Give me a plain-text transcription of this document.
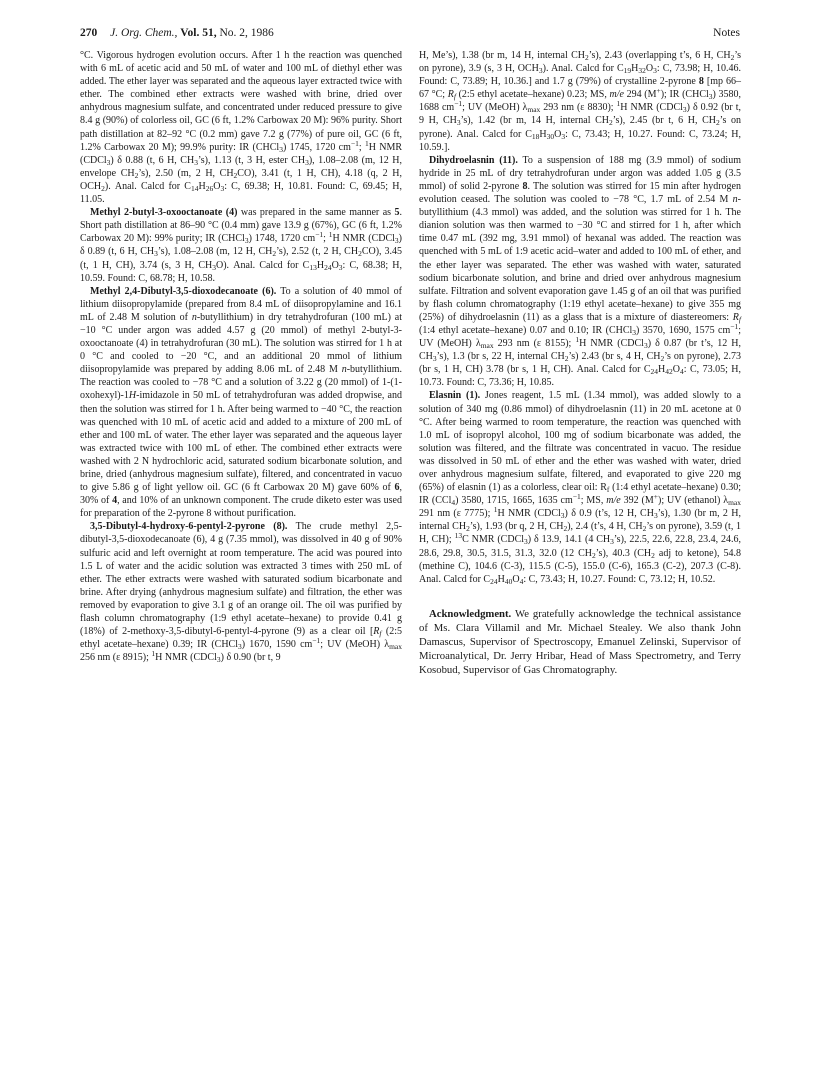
270 J. Org. Chem., Vol. 51, No. 2, 1986	Notes

°C. Vigorous hydrogen evolution occurs. After 1 h the reaction was quenched with 6 mL of acetic acid and 50 mL of water and 100 mL of diethyl ether was added. The ether layer was separated and the aqueous layer extracted twice with ether. The combined ether extracts were washed with brine, dried over anhydrous magnesium sulfate, and concentrated under reduced pressure to give 8.4 g (90%) of colorless oil, GC (6 ft, 1.2% Carbowax 20 M): 96% purity. Short path distillation at 82–92 °C (0.2 mm) gave 7.2 g (77%) of pure oil, GC (6 ft, 1.2% Carbowax 20 M); 99.9% purity: IR (CHCl$_3$) 1745, 1720 $cm^{-1}$; $^1$H NMR (CDCl$_3$) δ 0.88 (t, 6 H, $CH_3’s$), 1.13 (t, 3 H, ester $CH_3$), 1.08–2.08 (m, 12 H, envelope $CH_2’s$), 2.50 (m, 2 H, $CH_2CO$), 3.41 (t, 1 H, CH), 4.18 (q, 2 H, $OCH_2$). Anal. Calcd for $C_{14}H_{26}O_3$: C, 69.38; H, 10.81. Found: C, 69.45; H, 11.05.

Methyl 2-butyl-3-oxooctanoate (4) was prepared in the same manner as 5. Short path distillation at 86–90 °C (0.4 mm) gave 13.9 g (67%), GC (6 ft, 1.2% Carbowax 20 M): 99% purity; IR (CHCl$_3$) 1748, 1720 $cm^{-1}$; $^1$H NMR (CDCl$_3$) δ 0.89 (t, 6 H, $CH_3’s$), 1.08–2.08 (m, 12 H, $CH_2’s$), 2.52 (t, 2 H, $CH_2CO$), 3.45 (t, 1 H, CH), 3.74 (s, 3 H, $CH_3O$). Anal. Calcd for $C_{13}H_{24}O_3$: C, 68.38; H, 10.59. Found: C, 68.78; H, 10.58.

Methyl 2,4-Dibutyl-3,5-dioxodecanoate (6). To a solution of 40 mmol of lithium diisopropylamide (prepared from 8.4 mL of diisopropylamine and 16.1 mL of 2.48 M solution of n-butyllithium) in dry tetrahydrofuran (100 mL) at −10 °C under argon was added 4.57 g (20 mmol) of methyl 2-butyl-3-oxooctanoate (4) in tetrahydrofuran (30 mL). The solution was stirred for 1 h at 0 °C and cooled to −20 °C, and an additional 20 mmol of lithium diisopropylamide was prepared by adding 8.06 mL of 2.48 M n-butyllithium. The reaction was cooled to −78 °C and a solution of 3.22 g (20 mmol) of 1-(1-oxohexyl)-1H-imidazole in 50 mL of tetrahydrofuran was added dropwise, and then the solution was stirred for 1 h. After being warmed to −40 °C, the reaction was quenched with 10 mL of acetic acid and added to a mixture of 200 mL of ether and 100 mL of water. The ether layer was separated and the aqueous layer was extracted twice with 100 mL of ether. The combined ether extracts were washed with 2 N hydrochloric acid, saturated sodium bicarbonate solution, and brine, dried (anhydrous magnesium sulfate), filtered, and concentrated in vacuo to give 5.86 g of light yellow oil. GC (6 ft Carbowax 20 M) gave 60% of 6, 30% of 4, and 10% of an unknown component. The crude diketo ester was used for preparation of the 2-pyrone 8 without purification.

3,5-Dibutyl-4-hydroxy-6-pentyl-2-pyrone (8). The crude methyl 2,5-dibutyl-3,5-dioxodecanoate (6), 4 g (7.35 mmol), was dissolved in 40 g of 90% sulfuric acid and left overnight at room temperature. The acid was poured into 1.5 L of water and the acidic solution was extracted 3 times with 250 mL of ether. The ether extracts were washed with saturated sodium bicarbonate and brine. After drying (anhydrous magnesium sulfate) and filtration, the ether was removed by evaporation to give 3.1 g of an orange oil. The oil was purified by flash column chromatography (1:9 ethyl acetate–hexane) to provide 0.41 g (18%) of 2-methoxy-3,5-dibutyl-6-pentyl-4-pyrone (9) as a clear oil [$R_f$ (2:5 ethyl acetate–hexane) 0.39; IR (CHCl$_3$) 1670, 1590 $cm^{-1}$; UV (MeOH) $\lambda_{max}$ 256 nm (ε 8915); $^1$H NMR (CDCl$_3$) δ 0.90 (br t, 9

H, Me’s), 1.38 (br m, 14 H, internal $CH_2’s$), 2.43 (overlapping t’s, 6 H, $CH_2’s$ on pyrone), 3.9 (s, 3 H, $OCH_3$). Anal. Calcd for $C_{19}H_{32}O_3$: C, 73.98; H, 10.46. Found: C, 73.89; H, 10.36.] and 1.7 g (79%) of crystalline 2-pyrone 8 [mp 66–67 °C; $R_f$ (2:5 ethyl acetate–hexane) 0.23; MS, m/e 294 (M+); IR (CHCl$_3$) 3580, 1688 $cm^{-1}$; UV (MeOH) $\lambda_{max}$ 293 nm (ε 8830); $^1$H NMR (CDCl$_3$) δ 0.92 (br t, 9 H, $CH_3’s$), 1.42 (br m, 14 H, internal $CH_2’s$), 2.45 (br t, 6 H, $CH_2’s$ on pyrone). Anal. Calcd for $C_{18}H_{30}O_3$: C, 73.43; H, 10.27. Found: C, 73.24; H, 10.59.].

Dihydroelasnin (11). To a suspension of 188 mg (3.9 mmol) of sodium hydride in 25 mL of dry tetrahydrofuran under argon was added 1.05 g (3.5 mmol) of solid 2-pyrone 8. The solution was stirred for 15 min after hydrogen evolution ceased. The solution was cooled to −78 °C, 1.7 mL of 2.54 M n-butyllithium (4.3 mmol) was added, and the solution was stirred for 1 h. The dianion solution was then warmed to −30 °C and stirred for 1 h, after which time 0.47 mL (392 mg, 3.91 mmol) of hexanal was added. The reaction was quenched with 5 mL of 1:9 acetic acid–water and added to 100 mL of ether, and the ether layer was separated. The ether was washed with water, saturated sodium bicarbonate solution, and brine and dried over anhydrous magnesium sulfate. Filtration and solvent evaporation gave 1.45 g of an oil that was purified by flash column chromatography (1:19 ethyl acetate–hexane) to give 355 mg (25%) of dihydroelasnin (11) as a glass that is a mixture of diastereomers: $R_f$ (1:4 ethyl acetate–hexane) 0.07 and 0.10; IR (CHCl$_3$) 3570, 1690, 1575 $cm^{-1}$; UV (MeOH) $\lambda_{max}$ 293 nm (ε 8155); $^1$H NMR (CDCl$_3$) δ 0.87 (br t’s, 12 H, $CH_3’s$), 1.3 (br s, 22 H, internal $CH_2’s$) 2.43 (br s, 4 H, $CH_2’s$ on pyrone), 2.73 (br s, 1 H, CH) 3.78 (br s, 1 H, CH). Anal. Calcd for $C_{24}H_{42}O_4$: C, 73.05; H, 10.73. Found: C, 73.36; H, 10.85.

Elasnin (1). Jones reagent, 1.5 mL (1.34 mmol), was added slowly to a solution of 340 mg (0.86 mmol) of dihydroelasnin (11) in 20 mL acetone at 0 °C. After being warmed to room temperature, the reaction was quenched with 1.0 mL of isopropyl alcohol, 100 mg of sodium bicarbonate was added, the solution was filtered, and the filtrate was concentrated in vacuo. The residue was dissolved in 50 mL of ether and the ether was washed with water, dried over anhydrous magnesium sulfate, filtered, and evaporated to give 220 mg (65%) of elasnin (1) as a colorless, clear oil: $R_f$ (1:4 ethyl acetate–hexane) 0.30; IR (CCl$_4$) 3580, 1715, 1665, 1635 $cm^{-1}$; MS, m/e 392 (M+); UV (ethanol) $\lambda_{max}$ 291 nm (ε 7775); $^1$H NMR (CDCl$_3$) δ 0.9 (t’s, 12 H, $CH_3’s$), 1.30 (br m, 2 H, internal $CH_2’s$), 1.93 (br q, 2 H, $CH_2$), 2.4 (t’s, 4 H, $CH_2’s$ on pyrone), 3.59 (t, 1 H, CH); $^{13}$C NMR (CDCl$_3$) δ 13.9, 14.1 (4 $CH_3’s$), 22.5, 22.6, 22.8, 23.4, 24.6, 28.6, 29.8, 30.5, 31.5, 31.3, 32.0 (12 $CH_2’s$), 40.3 ($CH_2$ adj to ketone), 54.8 (methine C), 104.6 (C-3), 115.5 (C-5), 155.0 (C-6), 165.3 (C-2), 207.3 (C-8). Anal. Calcd for $C_{24}H_{40}O_4$: C, 73.43; H, 10.27. Found: C, 73.12; H, 10.52.

Acknowledgment. We gratefully acknowledge the technical assistance of Ms. Clara Villamil and Mr. Michael Stealey. We also thank John Damascus, Supervisor of Spectroscopy, Emanuel Zelinski, Supervisor of Microanalytical, Dr. Jerry Hribar, Head of Mass Spectrometry, and Terry Kosobud, Supervisor of Gas Chromatography.
